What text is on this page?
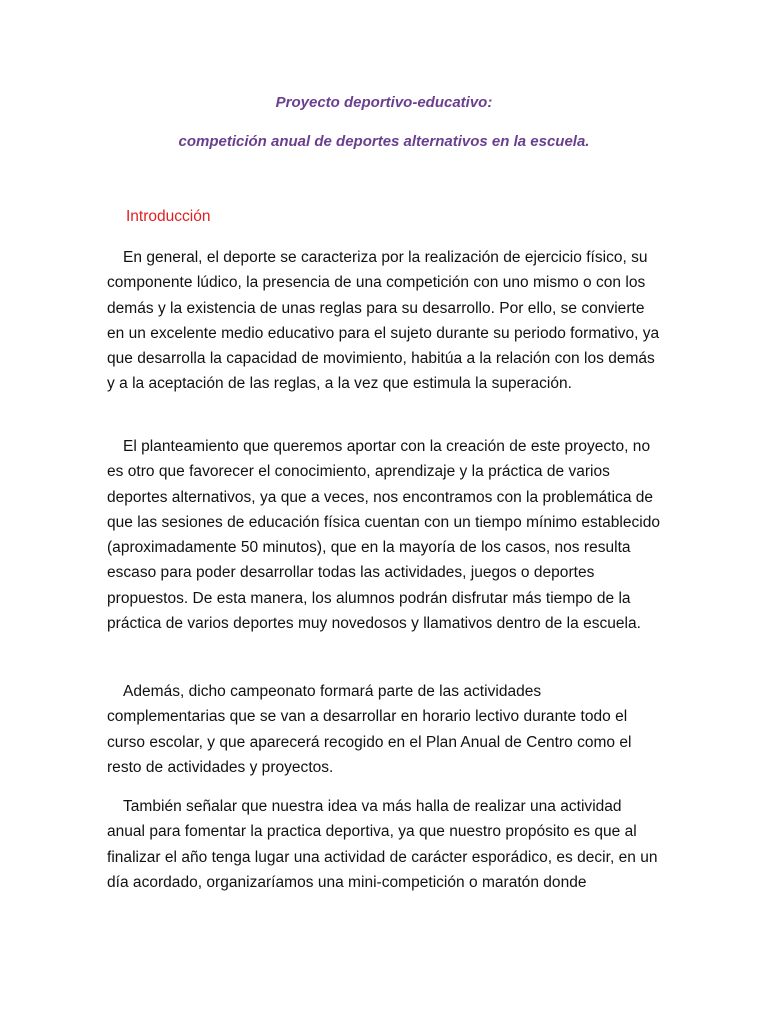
Proyecto deportivo-educativo:

competición anual de deportes alternativos en la escuela.

Introducción

En general, el deporte se caracteriza por la realización de ejercicio físico, su componente lúdico, la presencia de una competición con uno mismo o con los demás y la existencia de unas reglas para su desarrollo. Por ello, se convierte en un excelente medio educativo para el sujeto durante su periodo formativo, ya que desarrolla la capacidad de movimiento, habitúa a la relación con los demás y a la aceptación de las reglas, a la vez que estimula la superación.

El planteamiento que queremos aportar con la creación de este proyecto, no es otro que favorecer el conocimiento, aprendizaje y la práctica de varios deportes alternativos, ya que a veces, nos encontramos con la problemática de que las sesiones de educación física cuentan con un tiempo mínimo establecido (aproximadamente 50 minutos), que en la mayoría de los casos, nos resulta escaso para poder desarrollar todas las actividades, juegos o deportes propuestos. De esta manera, los alumnos podrán disfrutar más tiempo de la práctica de varios deportes muy novedosos y llamativos dentro de la escuela.

Además, dicho campeonato formará parte de las actividades complementarias que se van a desarrollar en horario lectivo durante todo el curso escolar, y que aparecerá recogido en el Plan Anual de Centro como el resto de actividades y proyectos.

También señalar que nuestra idea va más halla de realizar una actividad anual para fomentar la practica deportiva, ya que nuestro propósito es que al finalizar el año tenga lugar una actividad de carácter esporádico, es decir, en un día acordado, organizaríamos una mini-competición o maratón donde
